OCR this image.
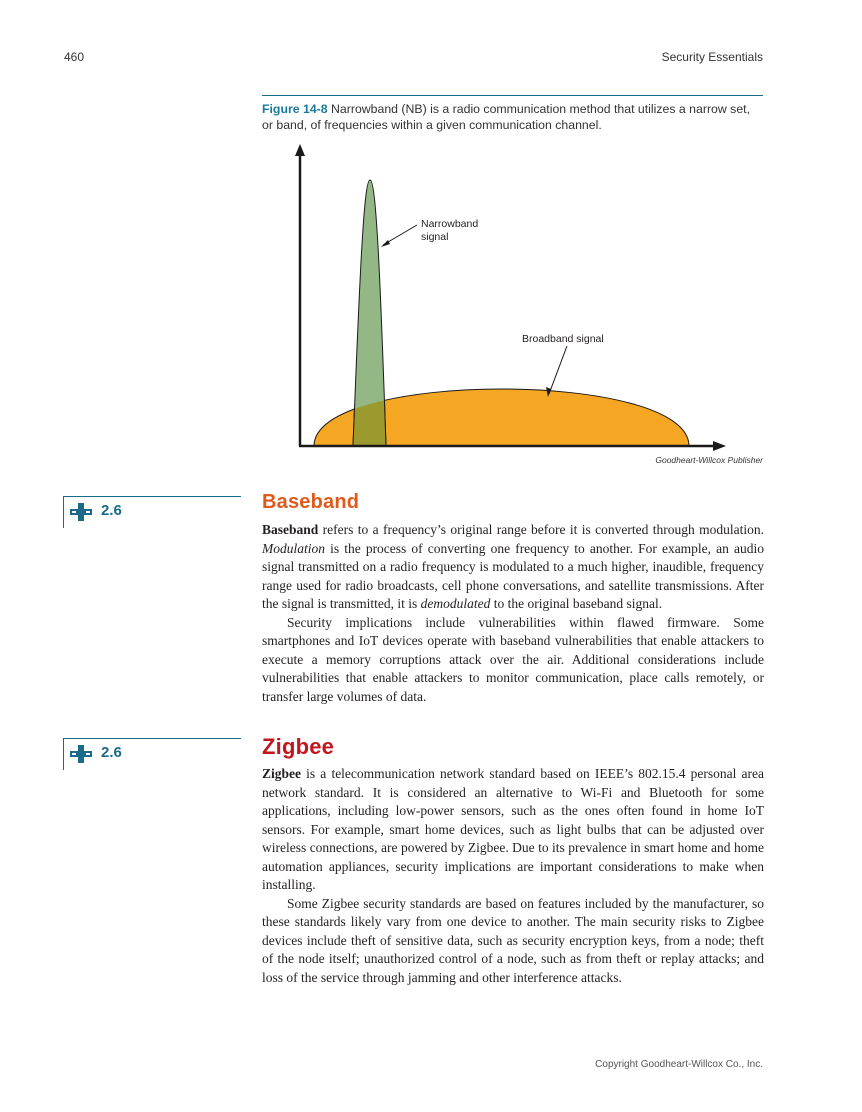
460	Security Essentials
Figure 14-8 Narrowband (NB) is a radio communication method that utilizes a narrow set, or band, of frequencies within a given communication channel.
Narrowband
signal
Broadband signal
Goodheart-Willcox Publisher
2.6	Baseband

Baseband refers to a frequency’s original range before it is converted through modulation. Modulation is the process of converting one frequency to another. For example, an audio signal transmitted on a radio frequency is modulated to a much higher, inaudible, frequency range used for radio broadcasts, cell phone conversations, and satellite transmissions. After the signal is transmitted, it is demodulated to the original baseband signal.

Security implications include vulnerabilities within flawed firmware. Some smartphones and IoT devices operate with baseband vulnerabilities that enable attackers to execute a memory corruptions attack over the air. Additional considerations include vulnerabilities that enable attackers to monitor communication, place calls remotely, or transfer large volumes of data.

2.6	Zigbee

Zigbee is a telecommunication network standard based on IEEE’s 802.15.4 personal area network standard. It is considered an alternative to Wi-Fi and Bluetooth for some applications, including low-power sensors, such as the ones often found in home IoT sensors. For example, smart home devices, such as light bulbs that can be adjusted over wireless connections, are powered by Zigbee. Due to its prevalence in smart home and home automation appliances, security implications are important considerations to make when installing.

Some Zigbee security standards are based on features included by the manufacturer, so these standards likely vary from one device to another. The main security risks to Zigbee devices include theft of sensitive data, such as security encryption keys, from a node; theft of the node itself; unauthorized control of a node, such as from theft or replay attacks; and loss of the service through jamming and other interference attacks.

Copyright Goodheart-Willcox Co., Inc.
